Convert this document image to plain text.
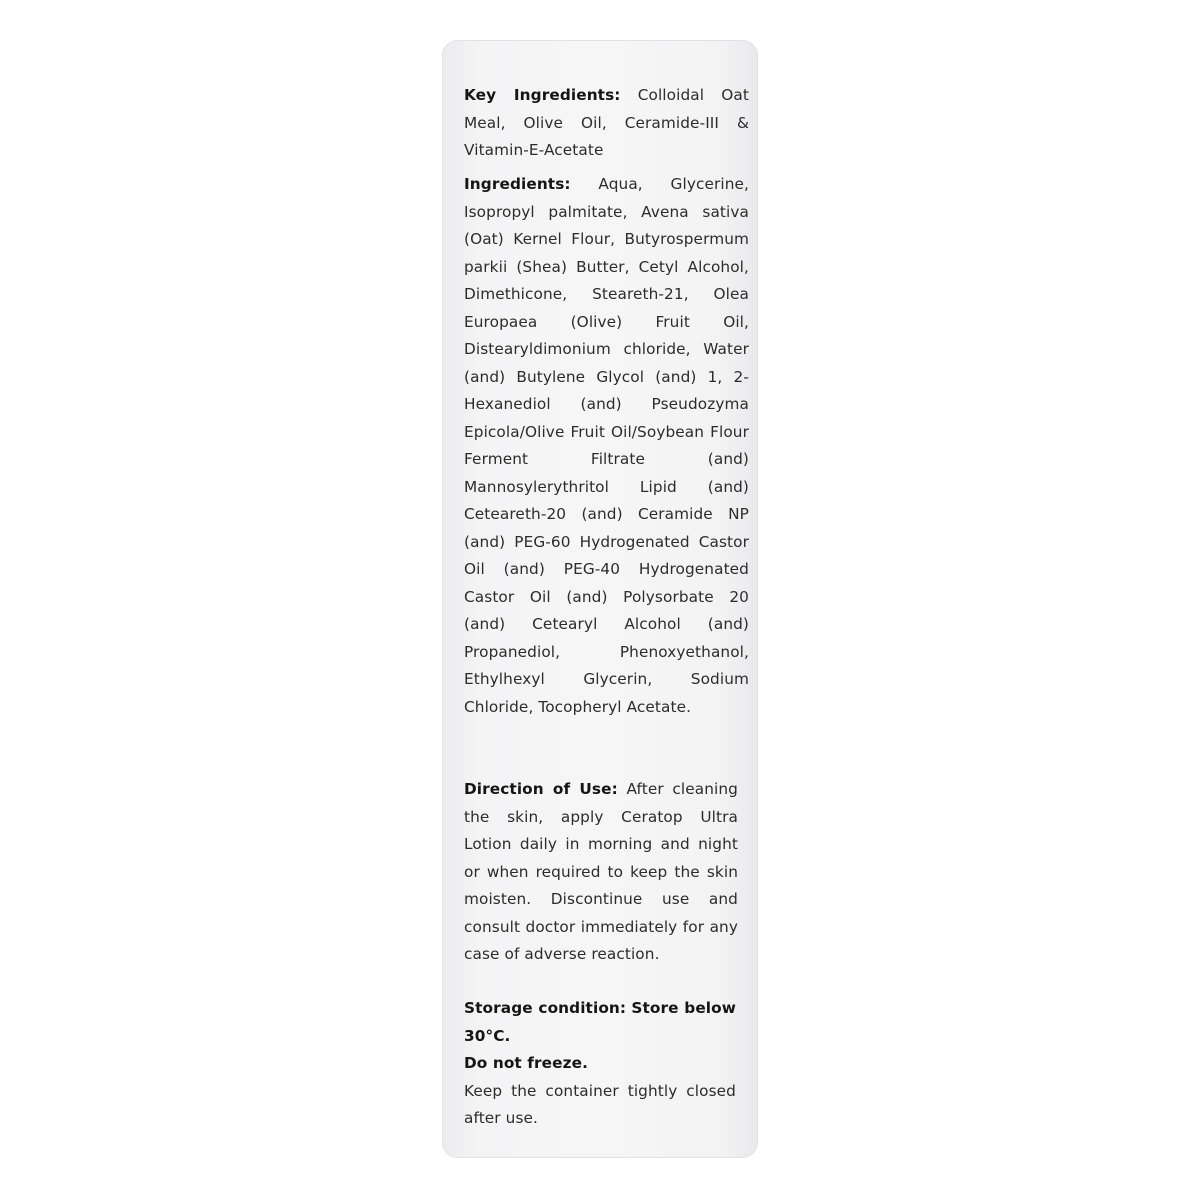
Key Ingredients: Colloidal Oat Meal, Olive Oil, Ceramide-III & Vitamin-E-Acetate
Ingredients: Aqua, Glycerine, Isopropyl palmitate, Avena sativa (Oat) Kernel Flour, Butyrospermum parkii (Shea) Butter, Cetyl Alcohol, Dimethicone, Steareth-21, Olea Europaea (Olive) Fruit Oil, Distearyldimonium chloride, Water (and) Butylene Glycol (and) 1, 2-Hexanediol (and) Pseudozyma Epicola/Olive Fruit Oil/Soybean Flour Ferment Filtrate (and) Mannosylerythritol Lipid (and) Ceteareth-20 (and) Ceramide NP (and) PEG-60 Hydrogenated Castor Oil (and) PEG-40 Hydrogenated Castor Oil (and) Polysorbate 20 (and) Cetearyl Alcohol (and) Propanediol, Phenoxyethanol, Ethylhexyl Glycerin, Sodium Chloride, Tocopheryl Acetate.
Direction of Use: After cleaning the skin, apply Ceratop Ultra Lotion daily in morning and night or when required to keep the skin moisten. Discontinue use and consult doctor immediately for any case of adverse reaction.
Storage condition: Store below 30°C.
Do not freeze.
Keep the container tightly closed after use.
